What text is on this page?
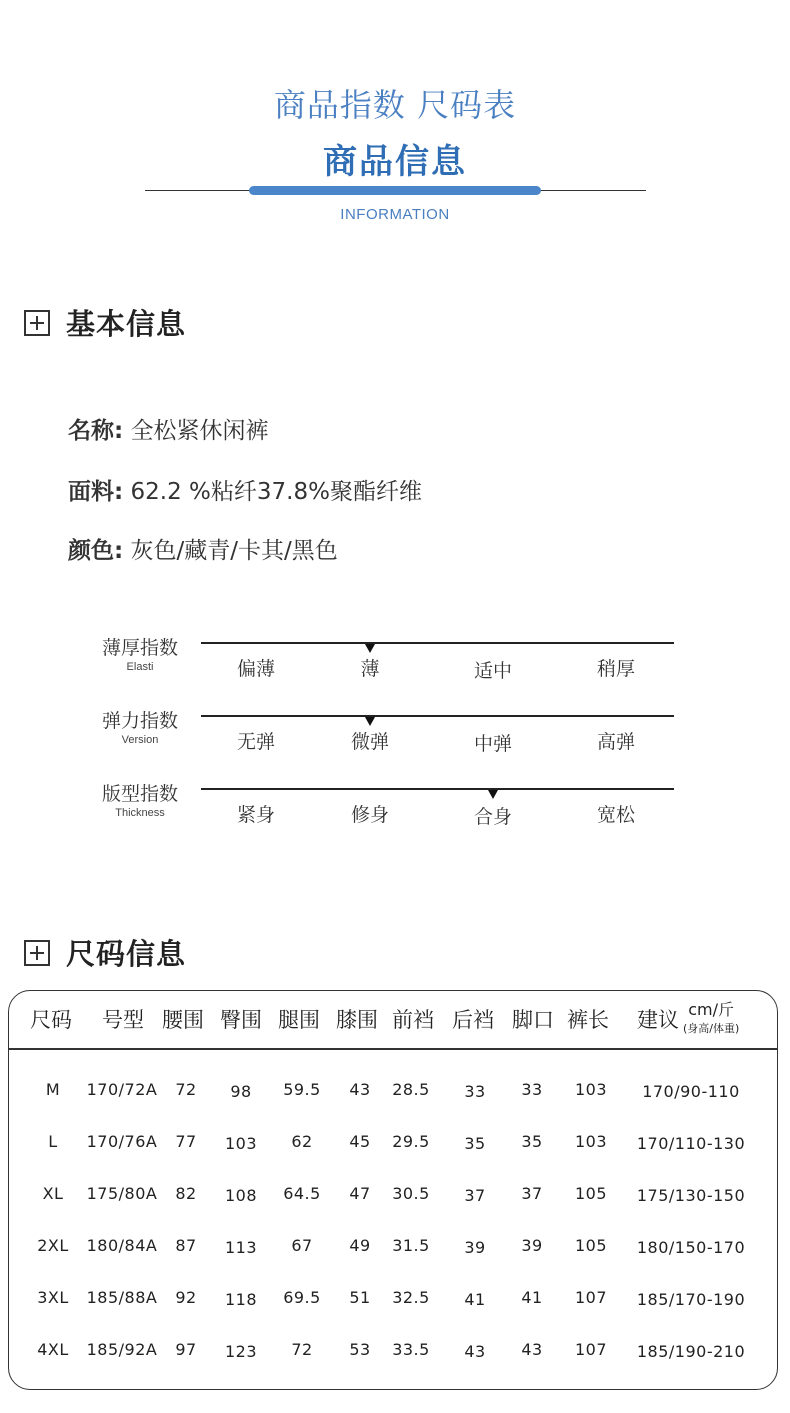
商品指数 尺码表
商品信息
INFORMATION
基本信息
名称: 全松紧休闲裤
面料: 62.2 %粘纤37.8%聚酯纤维
颜色: 灰色/藏青/卡其/黑色
薄厚指数
Elasti	偏薄	薄	适中	稍厚
弹力指数
Version	无弹	微弹	中弹	高弹
版型指数
Thickness	紧身	修身	合身	宽松
尺码信息
尺码 号型 腰围 臀围 腿围 膝围 前裆 后裆 脚口 裤长 建议 cm/斤
(身高/体重)
M	170/72A	72	98	59.5	43	28.5	33	33	103	170/90-110
L	170/76A	77	103	62	45	29.5	35	35	103	170/110-130
XL	175/80A	82	108	64.5	47	30.5	37	37	105	175/130-150
2XL	180/84A	87	113	67	49	31.5	39	39	105	180/150-170
3XL	185/88A	92	118	69.5	51	32.5	41	41	107	185/170-190
4XL	185/92A	97	123	72	53	33.5	43	43	107	185/190-210
